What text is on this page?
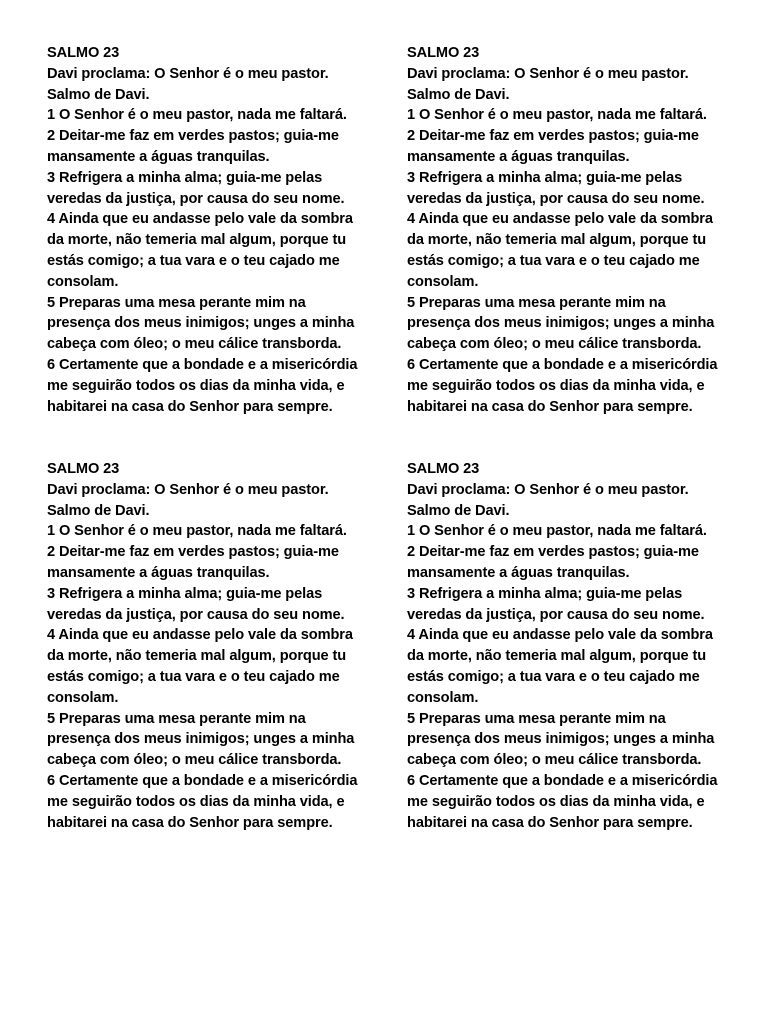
SALMO 23

Davi proclama: O Senhor é o meu pastor.

Salmo de Davi.

1 O Senhor é o meu pastor, nada me faltará.

2 Deitar-me faz em verdes pastos; guia-me mansamente a águas tranquilas.

3 Refrigera a minha alma; guia-me pelas veredas da justiça, por causa do seu nome.

4 Ainda que eu andasse pelo vale da sombra da morte, não temeria mal algum, porque tu estás comigo; a tua vara e o teu cajado me consolam.

5 Preparas uma mesa perante mim na presença dos meus inimigos; unges a minha cabeça com óleo; o meu cálice transborda.

6 Certamente que a bondade e a misericórdia me seguirão todos os dias da minha vida, e habitarei na casa do Senhor para sempre.

SALMO 23

Davi proclama: O Senhor é o meu pastor.

Salmo de Davi.

1 O Senhor é o meu pastor, nada me faltará.

2 Deitar-me faz em verdes pastos; guia-me mansamente a águas tranquilas.

3 Refrigera a minha alma; guia-me pelas veredas da justiça, por causa do seu nome.

4 Ainda que eu andasse pelo vale da sombra da morte, não temeria mal algum, porque tu estás comigo; a tua vara e o teu cajado me consolam.

5 Preparas uma mesa perante mim na presença dos meus inimigos; unges a minha cabeça com óleo; o meu cálice transborda.

6 Certamente que a bondade e a misericórdia me seguirão todos os dias da minha vida, e habitarei na casa do Senhor para sempre.

SALMO 23

Davi proclama: O Senhor é o meu pastor.

Salmo de Davi.

1 O Senhor é o meu pastor, nada me faltará.

2 Deitar-me faz em verdes pastos; guia-me mansamente a águas tranquilas.

3 Refrigera a minha alma; guia-me pelas veredas da justiça, por causa do seu nome.

4 Ainda que eu andasse pelo vale da sombra da morte, não temeria mal algum, porque tu estás comigo; a tua vara e o teu cajado me consolam.

5 Preparas uma mesa perante mim na presença dos meus inimigos; unges a minha cabeça com óleo; o meu cálice transborda.

6 Certamente que a bondade e a misericórdia me seguirão todos os dias da minha vida, e habitarei na casa do Senhor para sempre.

SALMO 23

Davi proclama: O Senhor é o meu pastor.

Salmo de Davi.

1 O Senhor é o meu pastor, nada me faltará.

2 Deitar-me faz em verdes pastos; guia-me mansamente a águas tranquilas.

3 Refrigera a minha alma; guia-me pelas veredas da justiça, por causa do seu nome.

4 Ainda que eu andasse pelo vale da sombra da morte, não temeria mal algum, porque tu estás comigo; a tua vara e o teu cajado me consolam.

5 Preparas uma mesa perante mim na presença dos meus inimigos; unges a minha cabeça com óleo; o meu cálice transborda.

6 Certamente que a bondade e a misericórdia me seguirão todos os dias da minha vida, e habitarei na casa do Senhor para sempre.
